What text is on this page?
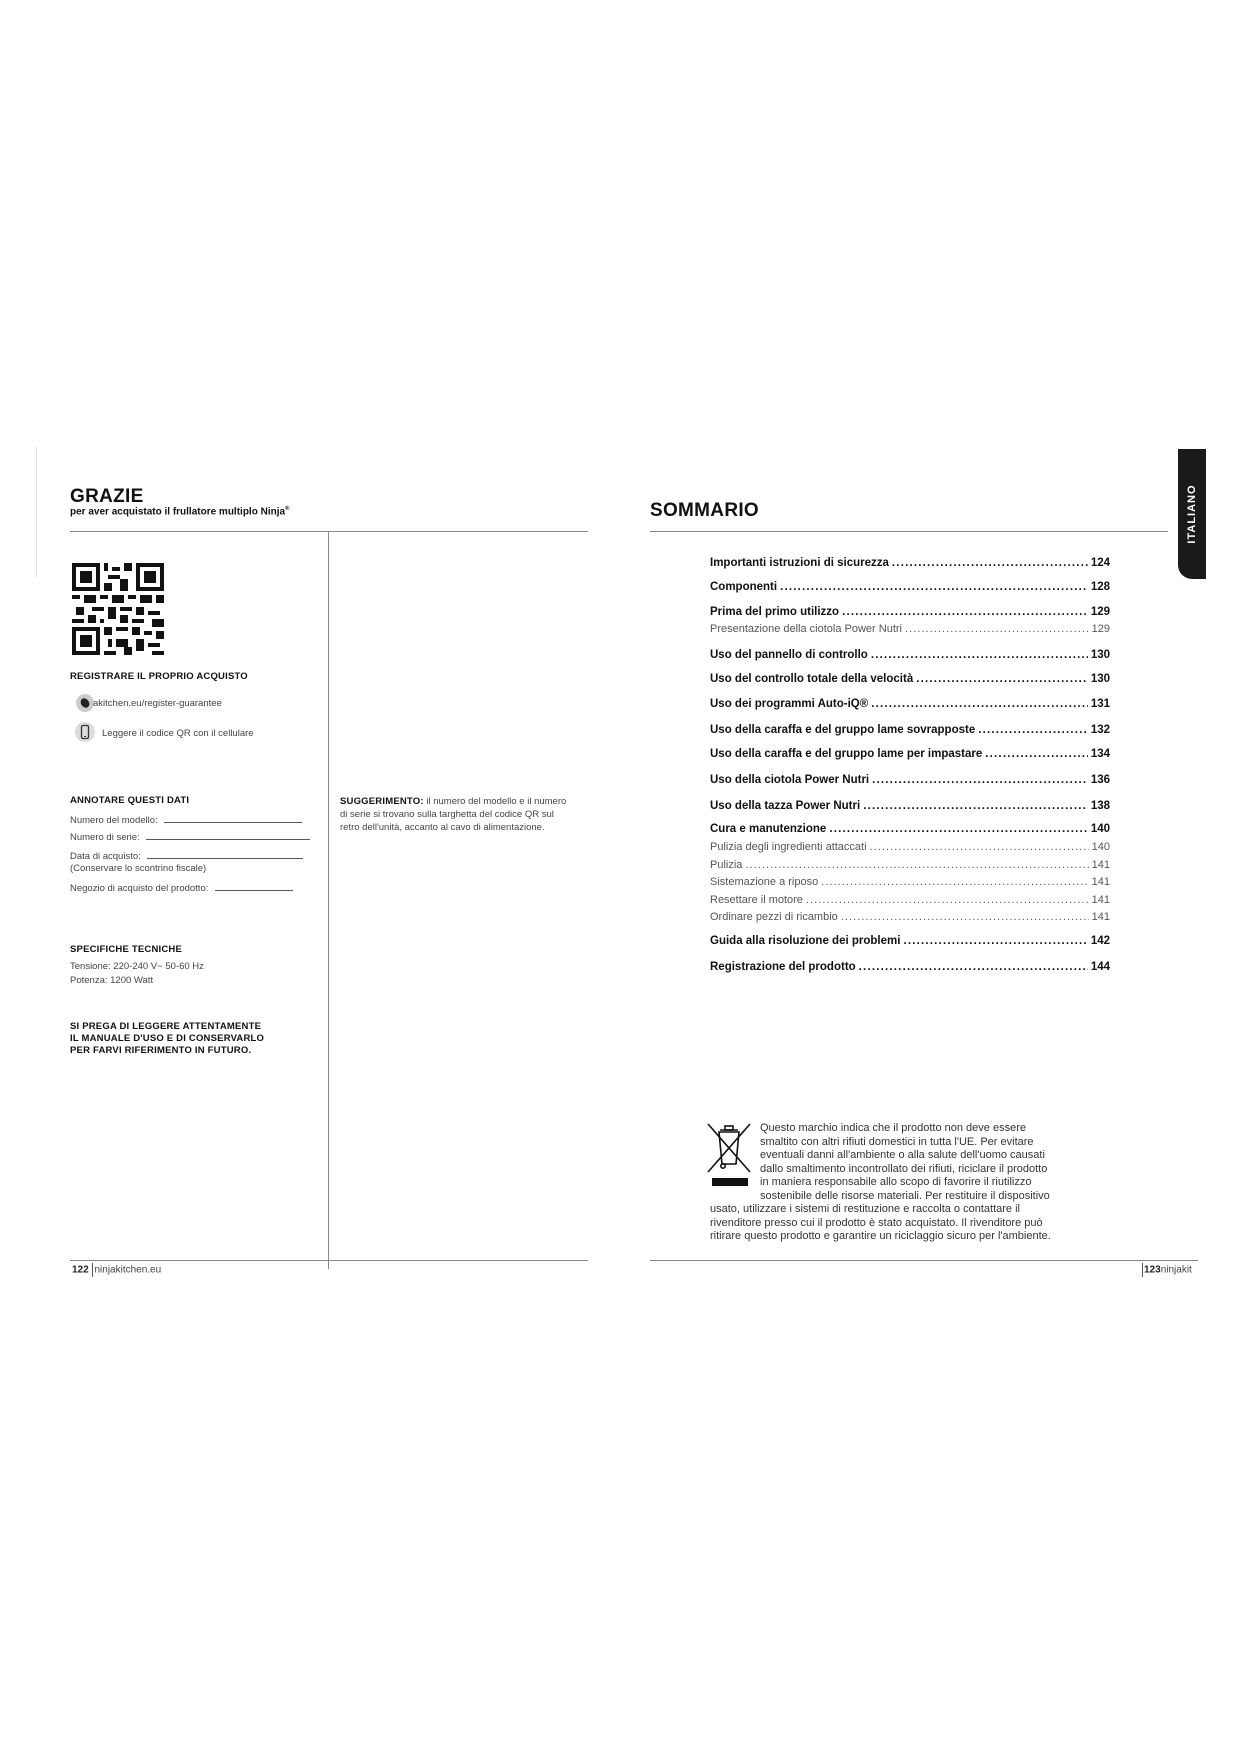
GRAZIE
per aver acquistato il frullatore multiplo Ninja®
REGISTRARE IL PROPRIO ACQUISTO
akitchen.eu/register-guarantee
Leggere il codice QR con il cellulare
ANNOTARE QUESTI DATI
Numero del modello:
Numero di serie:
Data di acquisto:
(Conservare lo scontrino fiscale)
Negozio di acquisto del prodotto:
SUGGERIMENTO: il numero del modello e il numero di serie si trovano sulla targhetta del codice QR sul retro dell'unità, accanto al cavo di alimentazione.
SPECIFICHE TECNICHE
Tensione: 220-240 V~ 50-60 Hz
Potenza: 1200 Watt
SI PREGA DI LEGGERE ATTENTAMENTE
IL MANUALE D'USO E DI CONSERVARLO
PER FARVI RIFERIMENTO IN FUTURO.
122 ninjakitchen.eu
SOMMARIO	ITALIANO
Importanti istruzioni di sicurezza . . .	124
Componenti . . .	128
Prima del primo utilizzo . . .	129
Presentazione della ciotola Power Nutri . . .	129
Uso del pannello di controllo . . .	130
Uso del controllo totale della velocità . . .	130
Uso dei programmi Auto-iQ® . . .	131
Uso della caraffa e del gruppo lame sovrapposte . . .	132
Uso della caraffa e del gruppo lame per impastare . . .	134
Uso della ciotola Power Nutri . . .	136
Uso della tazza Power Nutri . . .	138
Cura e manutenzione . . .	140
Pulizia degli ingredienti attaccati . . .	140
Pulizia . . .	141
Sistemazione a riposo . . .	141
Resettare il motore . . .	141
Ordinare pezzi di ricambio . . .	141
Guida alla risoluzione dei problemi . . .	142
Registrazione del prodotto . . .	144
Questo marchio indica che il prodotto non deve essere
smaltito con altri rifiuti domestici in tutta l'UE. Per evitare
eventuali danni all'ambiente o alla salute dell'uomo causati
dallo smaltimento incontrollato dei rifiuti, riciclare il prodotto
in maniera responsabile allo scopo di favorire il riutilizzo
sostenibile delle risorse materiali. Per restituire il dispositivo
usato, utilizzare i sistemi di restituzione e raccolta o contattare il
rivenditore presso cui il prodotto è stato acquistato. Il rivenditore può
ritirare questo prodotto e garantire un riciclaggio sicuro per l'ambiente.
123ninjakit
